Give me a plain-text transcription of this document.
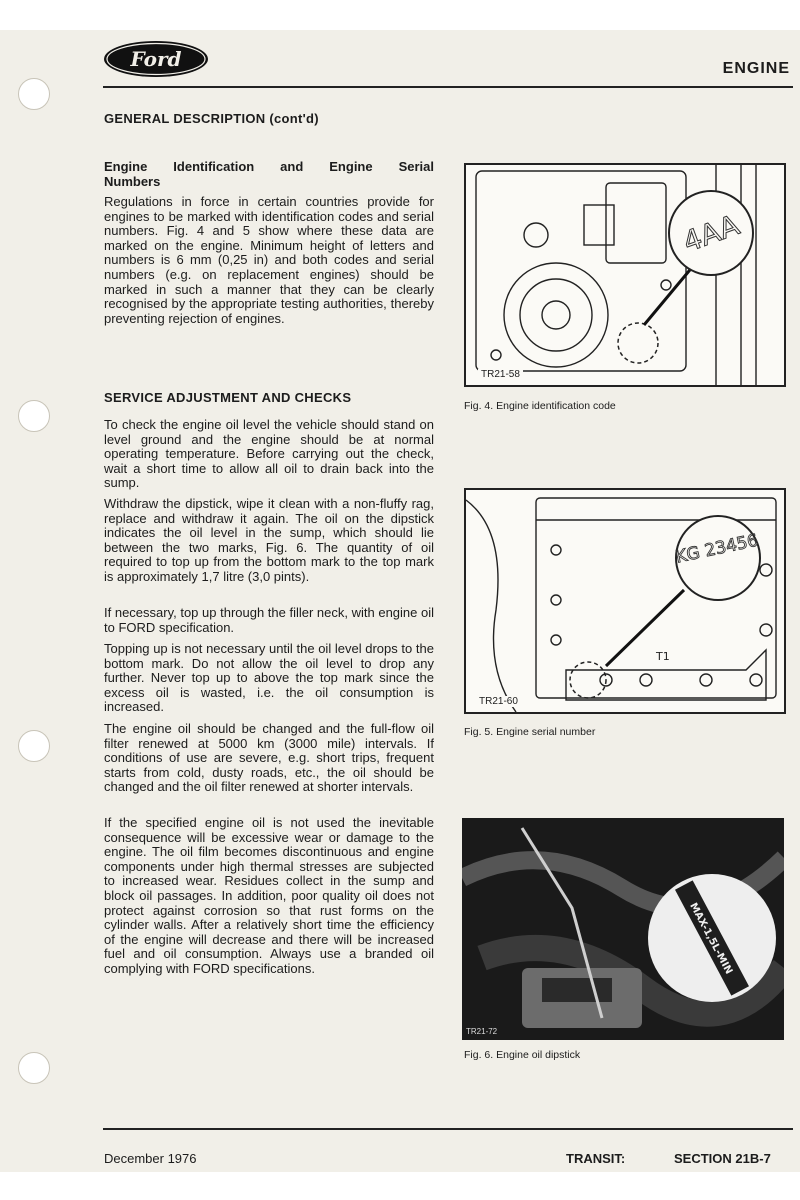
Ford	ENGINE
GENERAL DESCRIPTION (cont'd)
Engine Identification and Engine Serial
Numbers

Regulations in force in certain countries provide for engines to be marked with identification codes and serial numbers. Fig. 4 and 5 show where these data are marked on the engine. Minimum height of letters and numbers is 6 mm (0,25 in) and both codes and serial numbers (e.g. on replacement engines) should be marked in such a manner that they can be clearly recognised by the appropriate testing authorities, thereby preventing rejection of engines.

SERVICE ADJUSTMENT AND CHECKS

To check the engine oil level the vehicle should stand on level ground and the engine should be at normal operating temperature. Before carrying out the check, wait a short time to allow all oil to drain back into the sump.

Withdraw the dipstick, wipe it clean with a non-fluffy rag, replace and withdraw it again. The oil on the dipstick indicates the oil level in the sump, which should lie between the two marks, Fig. 6. The quantity of oil required to top up from the bottom mark to the top mark is approximately 1,7 litre (3,0 pints).

If necessary, top up through the filler neck, with engine oil to FORD specification.

Topping up is not necessary until the oil level drops to the bottom mark. Do not allow the oil level to drop any further. Never top up to above the top mark since the excess oil is wasted, i.e. the oil consumption is increased.

The engine oil should be changed and the full-flow oil filter renewed at 5000 km (3000 mile) intervals. If conditions of use are severe, e.g. short trips, frequent starts from cold, dusty roads, etc., the oil should be changed and the oil filter renewed at shorter intervals.

If the specified engine oil is not used the inevitable consequence will be excessive wear or damage to the engine. The oil film becomes discontinuous and engine components under high thermal stresses are subjected to increased wear. Residues collect in the sump and block oil passages. In addition, poor quality oil does not protect against corrosion so that rust forms on the cylinder walls. After a relatively short time the efficiency of the engine will decrease and there will be increased fuel and oil consumption. Always use a branded oil complying with FORD specifications.

4AA
TR21-58
Fig. 4. Engine identification code
T1
KG 23456
TR21-60
Fig. 5. Engine serial number
MAX-1,5L-MIN
TR21-72
Fig. 6. Engine oil dipstick
December 1976	TRANSIT:	SECTION 21B-7
